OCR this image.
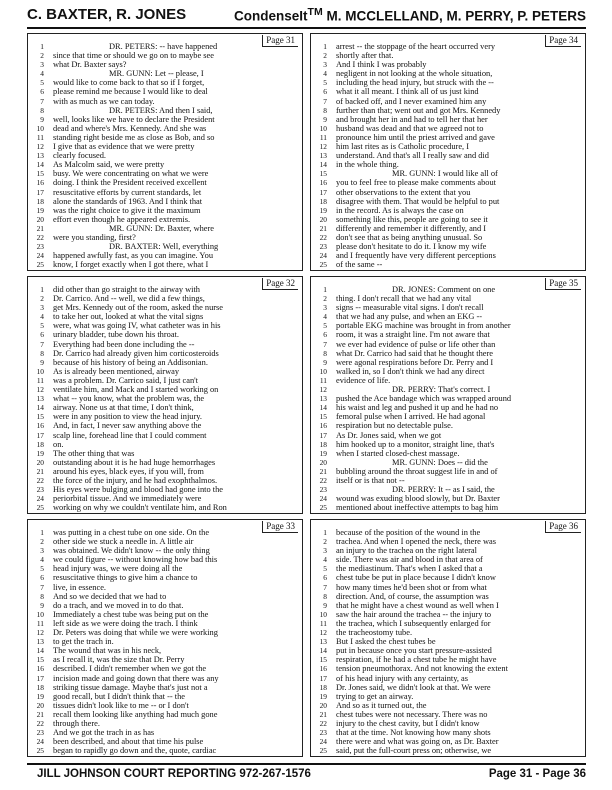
C. BAXTER, R. JONES	CondenseIt™ M. MCCLELLAND, M. PERRY, P. PETERS
Page 31
1	DR. PETERS: -- have happened
2 since that time or should we go on to maybe see
3 what Dr. Baxter says?
4	MR. GUNN: Let -- please, I
5 would like to come back to that so if I forget,
6 please remind me because I would like to deal
7 with as much as we can today.
8	DR. PETERS: And then I said,
9 well, looks like we have to declare the President
10 dead and where's Mrs. Kennedy. And she was
11 standing right beside me as close as Bob, and so
12 I give that as evidence that we were pretty
13 clearly focused.
14 As Malcolm said, we were pretty
15 busy. We were concentrating on what we were
16 doing. I think the President received excellent
17 resuscitative efforts by current standards, let
18 alone the standards of 1963. And I think that
19 was the right choice to give it the maximum
20 effort even though he appeared extremis.
21	MR. GUNN: Dr. Baxter, where
22 were you standing, first?
23	DR. BAXTER: Well, everything
24 happened awfully fast, as you can imagine. You
25 know, I forget exactly when I got there, what I
Page 34
1 arrest -- the stoppage of the heart occurred very
2 shortly after that.
3 And I think I was probably
4 negligent in not looking at the whole situation,
5 including the head injury, but struck with the --
6 what it all meant. I think all of us just kind
7 of backed off, and I never examined him any
8 further than that; went out and got Mrs. Kennedy
9 and brought her in and had to tell her that her
10 husband was dead and that we agreed not to
11 pronounce him until the priest arrived and gave
12 him last rites as is Catholic procedure, I
13 understand. And that's all I really saw and did
14 in the whole thing.
15	MR. GUNN: I would like all of
16 you to feel free to please make comments about
17 other observations to the extent that you
18 disagree with them. That would be helpful to put
19 in the record. As is always the case on
20 something like this, people are going to see it
21 differently and remember it differently, and I
22 don't see that as being anything unusual. So
23 please don't hesitate to do it. I know my wife
24 and I frequently have very different perceptions
25 of the same --
Page 32
1 did other than go straight to the airway with
2 Dr. Carrico. And -- well, we did a few things,
3 get Mrs. Kennedy out of the room, asked the nurse
4 to take her out, looked at what the vital signs
5 were, what was going IV, what catheter was in his
6 urinary bladder, tube down his throat.
7 Everything had been done including the --
8 Dr. Carrico had already given him corticosteroids
9 because of his history of being an Addisonian.
10 As is already been mentioned, airway
11 was a problem. Dr. Carrico said, I just can't
12 ventilate him, and Mack and I started working on
13 what -- you know, what the problem was, the
14 airway. None us at that time, I don't think,
15 were in any position to view the head injury.
16 And, in fact, I never saw anything above the
17 scalp line, forehead line that I could comment
18 on.
19 The other thing that was
20 outstanding about it is he had huge hemorrhages
21 around his eyes, black eyes, if you will, from
22 the force of the injury, and he had exophthalmos.
23 His eyes were bulging and blood had gone into the
24 periorbital tissue. And we immediately were
25 working on why we couldn't ventilate him, and Ron
Page 35
1	DR. JONES: Comment on one
2 thing. I don't recall that we had any vital
3 signs -- measurable vital signs. I don't recall
4 that we had any pulse, and when an EKG --
5 portable EKG machine was brought in from another
6 room, it was a straight line. I'm not aware that
7 we ever had evidence of pulse or life other than
8 what Dr. Carrico had said that he thought there
9 were agonal respirations before Dr. Perry and I
10 walked in, so I don't think we had any direct
11 evidence of life.
12	DR. PERRY: That's correct. I
13 pushed the Ace bandage which was wrapped around
14 his waist and leg and pushed it up and he had no
15 femoral pulse when I arrived. He had agonal
16 respiration but no detectable pulse.
17 As Dr. Jones said, when we got
18 him hooked up to a monitor, straight line, that's
19 when I started closed-chest massage.
20	MR. GUNN: Does -- did the
21 bubbling around the throat suggest life in and of
22 itself or is that not --
23	DR. PERRY: It -- as I said, the
24 wound was exuding blood slowly, but Dr. Baxter
25 mentioned about ineffective attempts to bag him
Page 33
1 was putting in a chest tube on one side. On the
2 other side we stuck a needle in. A little air
3 was obtained. We didn't know -- the only thing
4 we could figure -- without knowing how bad this
5 head injury was, we were doing all the
6 resuscitative things to give him a chance to
7 live, in essence.
8 And so we decided that we had to
9 do a trach, and we moved in to do that.
10 Immediately a chest tube was being put on the
11 left side as we were doing the trach. I think
12 Dr. Peters was doing that while we were working
13 to get the trach in.
14 The wound that was in his neck,
15 as I recall it, was the size that Dr. Perry
16 described. I didn't remember when we got the
17 incision made and going down that there was any
18 striking tissue damage. Maybe that's just not a
19 good recall, but I didn't think that -- the
20 tissues didn't look like to me -- or I don't
21 recall them looking like anything had much gone
22 through there.
23 And we got the trach in as has
24 been described, and about that time his pulse
25 began to rapidly go down and the, quote, cardiac
Page 36
1 because of the position of the wound in the
2 trachea. And when I opened the neck, there was
3 an injury to the trachea on the right lateral
4 side. There was air and blood in that area of
5 the mediastinum. That's when I asked that a
6 chest tube be put in place because I didn't know
7 how many times he'd been shot or from what
8 direction. And, of course, the assumption was
9 that he might have a chest wound as well when I
10 saw the hair around the trachea -- the injury to
11 the trachea, which I subsequently enlarged for
12 the tracheostomy tube.
13 But I asked the chest tubes be
14 put in because once you start pressure-assisted
15 respiration, if he had a chest tube he might have
16 tension pneumothorax. And not knowing the extent
17 of his head injury with any certainty, as
18 Dr. Jones said, we didn't look at that. We were
19 trying to get an airway.
20 And so as it turned out, the
21 chest tubes were not necessary. There was no
22 injury to the chest cavity, but I didn't know
23 that at the time. Not knowing how many shots
24 there were and what was going on, as Dr. Baxter
25 said, put the full-court press on; otherwise, we
JILL JOHNSON COURT REPORTING 972-267-1576	Page 31 - Page 36
